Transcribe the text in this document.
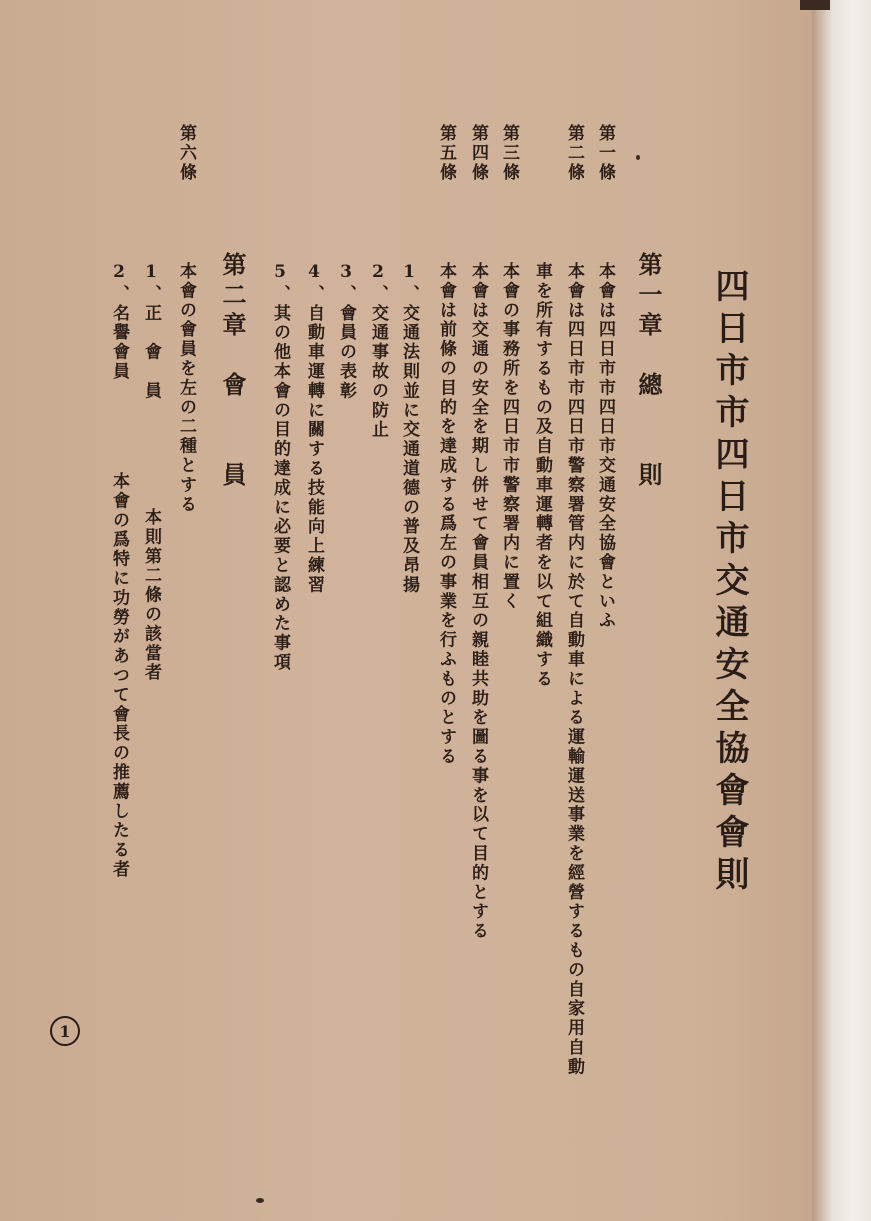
四日市市四日市交通安全協會會則
第一章　總　　則
第一條
本會は四日市市四日市交通安全協會といふ
第二條
本會は四日市市四日市警察署管内に於て自動車による運輸運送事業を經營するもの自家用自動
車を所有するもの及自動車運轉者を以て組織する
第三條
本會の事務所を四日市市警察署内に置く
第四條
本會は交通の安全を期し併せて會員相互の親睦共助を圖る事を以て目的とする
第五條
本會は前條の目的を達成する爲左の事業を行ふものとする
1、交通法則並に交通道德の普及昂揚
2、交通事故の防止
3、會員の表彰
4、自動車運轉に關する技能向上練習
5、其の他本會の目的達成に必要と認めた事項
第二章　會　　員
第六條
本會の會員を左の二種とする
1、正　會　員
本則第二條の該當者
2、名譽會員
本會の爲特に功勞があつて會長の推薦したる者
1
